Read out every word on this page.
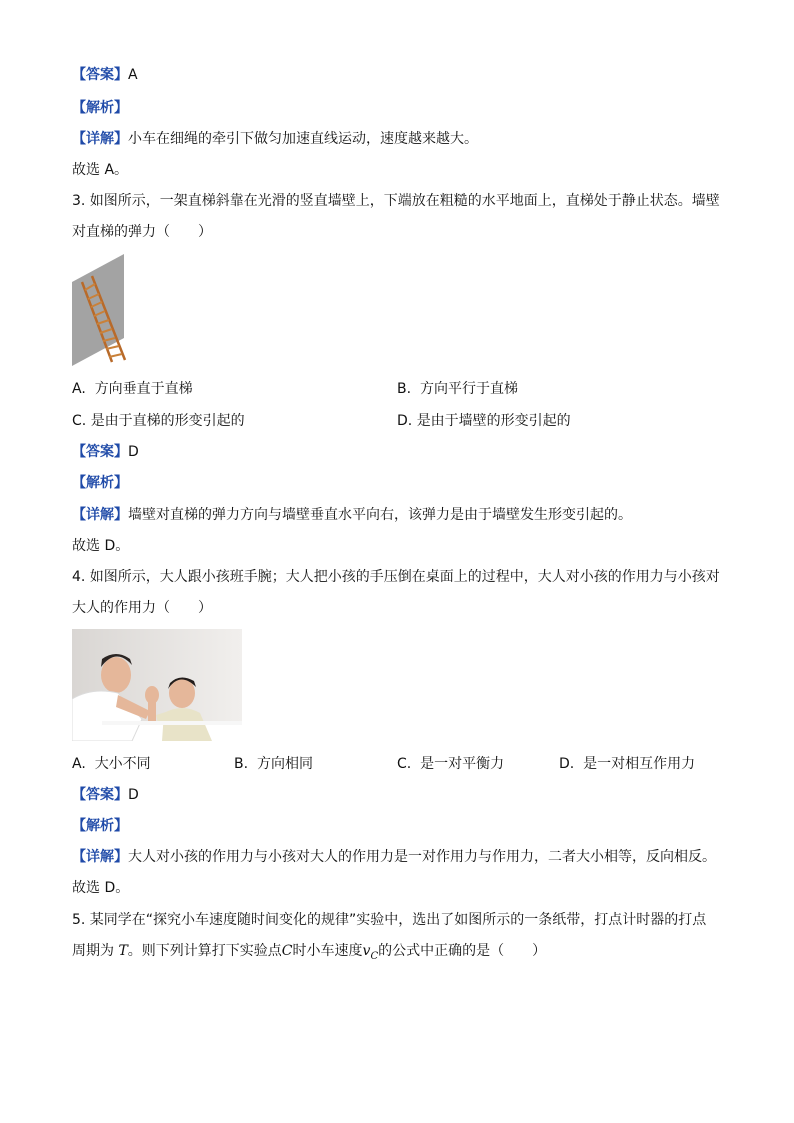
【答案】A
【解析】
【详解】小车在细绳的牵引下做匀加速直线运动，速度越来越大。
故选 A。
3. 如图所示，一架直梯斜靠在光滑的竖直墙壁上，下端放在粗糙的水平地面上，直梯处于静止状态。墙壁
对直梯的弹力（　　）
A. 方向垂直于直梯	B. 方向平行于直梯
C. 是由于直梯的形变引起的	D. 是由于墙壁的形变引起的
【答案】D
【解析】
【详解】墙壁对直梯的弹力方向与墙壁垂直水平向右，该弹力是由于墙壁发生形变引起的。
故选 D。
4. 如图所示，大人跟小孩班手腕；大人把小孩的手压倒在桌面上的过程中，大人对小孩的作用力与小孩对
大人的作用力（　　）
A. 大小不同	B. 方向相同	C. 是一对平衡力	D. 是一对相互作用力
【答案】D
【解析】
【详解】大人对小孩的作用力与小孩对大人的作用力是一对作用力与作用力，二者大小相等，反向相反。
故选 D。
5. 某同学在“探究小车速度随时间变化的规律”实验中，选出了如图所示的一条纸带，打点计时器的打点
周期为 T。则下列计算打下实验点C时小车速度$v_C$的公式中正确的是（　　）
